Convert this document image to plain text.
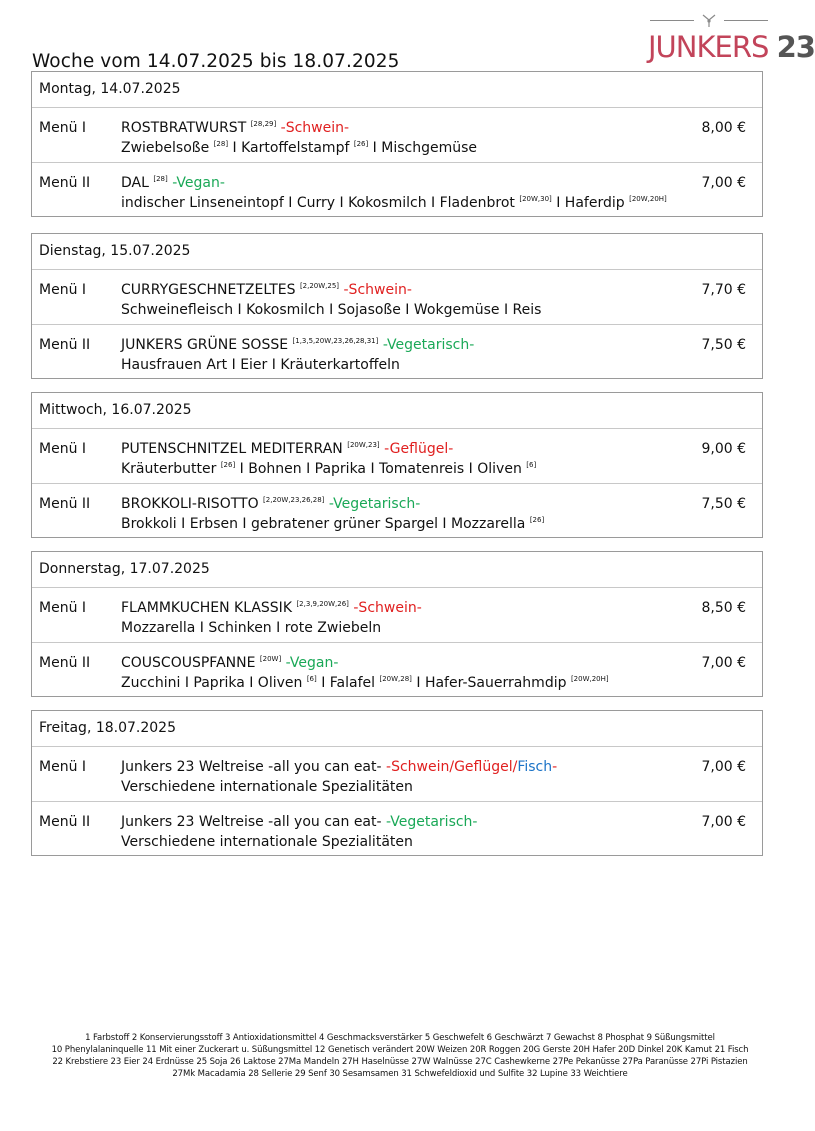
JUNKERS 23
Woche vom 14.07.2025 bis 18.07.2025
Montag, 14.07.2025
Menü I ROSTBRATWURST [28,29] -Schwein-
Zwiebelsoße [28] I Kartoffelstampf [26] I Mischgemüse
8,00 €
Menü II DAL [28] -Vegan-
indischer Linseneintopf I Curry I Kokosmilch I Fladenbrot [20W,30] I Haferdip [20W,20H]
7,00 €
Dienstag, 15.07.2025
Menü I CURRYGESCHNETZELTES [2,20W,25] -Schwein-
Schweinefleisch I Kokosmilch I Sojasoße I Wokgemüse I Reis
7,70 €
Menü II JUNKERS GRÜNE SOSSE [1,3,5,20W,23,26,28,31] -Vegetarisch-
Hausfrauen Art I Eier I Kräuterkartoffeln
7,50 €
Mittwoch, 16.07.2025
Menü I PUTENSCHNITZEL MEDITERRAN [20W,23] -Geflügel-
Kräuterbutter [26] I Bohnen I Paprika I Tomatenreis I Oliven [6]
9,00 €
Menü II BROKKOLI-RISOTTO [2,20W,23,26,28] -Vegetarisch-
Brokkoli I Erbsen I gebratener grüner Spargel I Mozzarella [26]
7,50 €
Donnerstag, 17.07.2025
Menü I FLAMMKUCHEN KLASSIK [2,3,9,20W,26] -Schwein-
Mozzarella I Schinken I rote Zwiebeln
8,50 €
Menü II COUSCOUSPFANNE [20W] -Vegan-
Zucchini I Paprika I Oliven [6] I Falafel [20W,28] I Hafer-Sauerrahmdip [20W,20H]
7,00 €
Freitag, 18.07.2025
Menü I Junkers 23 Weltreise -all you can eat- -Schwein/Geflügel/Fisch-
Verschiedene internationale Spezialitäten
7,00 €
Menü II Junkers 23 Weltreise -all you can eat- -Vegetarisch-
Verschiedene internationale Spezialitäten
7,00 €
1 Farbstoff 2 Konservierungsstoff 3 Antioxidationsmittel 4 Geschmacksverstärker 5 Geschwefelt 6 Geschwärzt 7 Gewachst 8 Phosphat 9 Süßungsmittel
10 Phenylalaninquelle 11 Mit einer Zuckerart u. Süßungsmittel 12 Genetisch verändert 20W Weizen 20R Roggen 20G Gerste 20H Hafer 20D Dinkel 20K Kamut 21 Fisch
22 Krebstiere 23 Eier 24 Erdnüsse 25 Soja 26 Laktose 27Ma Mandeln 27H Haselnüsse 27W Walnüsse 27C Cashewkerne 27Pe Pekanüsse 27Pa Paranüsse 27Pi Pistazien
27Mk Macadamia 28 Sellerie 29 Senf 30 Sesamsamen 31 Schwefeldioxid und Sulfite 32 Lupine 33 Weichtiere
